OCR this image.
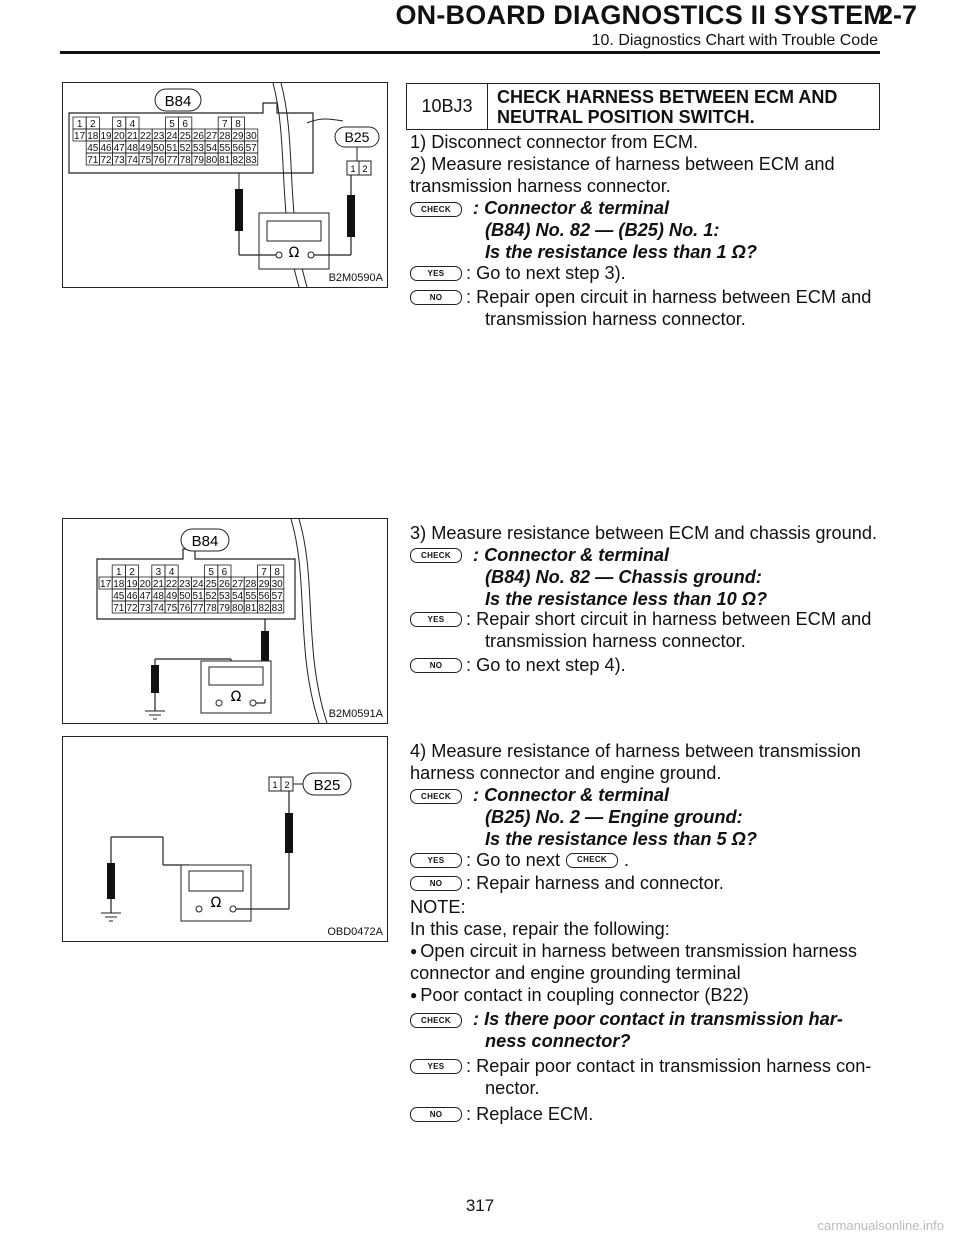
ON-BOARD DIAGNOSTICS II SYSTEM
2-7
10. Diagnostics Chart with Trouble Code
1 2 3 4	5 6	7 8
17 18 19 20 21 22 23 24 25 26 27 28 29 30
45 46 47 48 49 50 51 52 53 54 55 56 57
71 72 73 74 75 76 77 78 79 80 81 82 83
B84
B25
1 2
Ω
B2M0590A
1 2 3 4	5 6	7 8
17 18 19 20 21 22 23 24 25 26 27 28 29 30
45 46 47 48 49 50 51 52 53 54 55 56 57
71 72 73 74 75 76 77 78 79 80 81 82 83
B84
Ω
B2M0591A
1 2 B25
Ω
OBD0472A
10BJ3	CHECK HARNESS BETWEEN ECM AND
NEUTRAL POSITION SWITCH.
1) Disconnect connector from ECM.
2) Measure resistance of harness between ECM and
transmission harness connector.
CHECK	: Connector & terminal
(B84) No. 82 — (B25) No. 1:
Is the resistance less than 1 Ω?
YES	: Go to next step 3).
NO	: Repair open circuit in harness between ECM and
transmission harness connector.
3) Measure resistance between ECM and chassis ground.
CHECK	: Connector & terminal
(B84) No. 82 — Chassis ground:
Is the resistance less than 10 Ω?
YES	: Repair short circuit in harness between ECM and
transmission harness connector.
NO	: Go to next step 4).
4) Measure resistance of harness between transmission
harness connector and engine ground.
CHECK	: Connector & terminal
(B25) No. 2 — Engine ground:
Is the resistance less than 5 Ω?
YES	: Go to next CHECK .
NO	: Repair harness and connector.
NOTE:
In this case, repair the following:
● Open circuit in harness between transmission harness
connector and engine grounding terminal
● Poor contact in coupling connector (B22)
CHECK	: Is there poor contact in transmission har-
ness connector?
YES	: Repair poor contact in transmission harness con-
nector.
NO	: Replace ECM.
317
carmanualsonline.info
